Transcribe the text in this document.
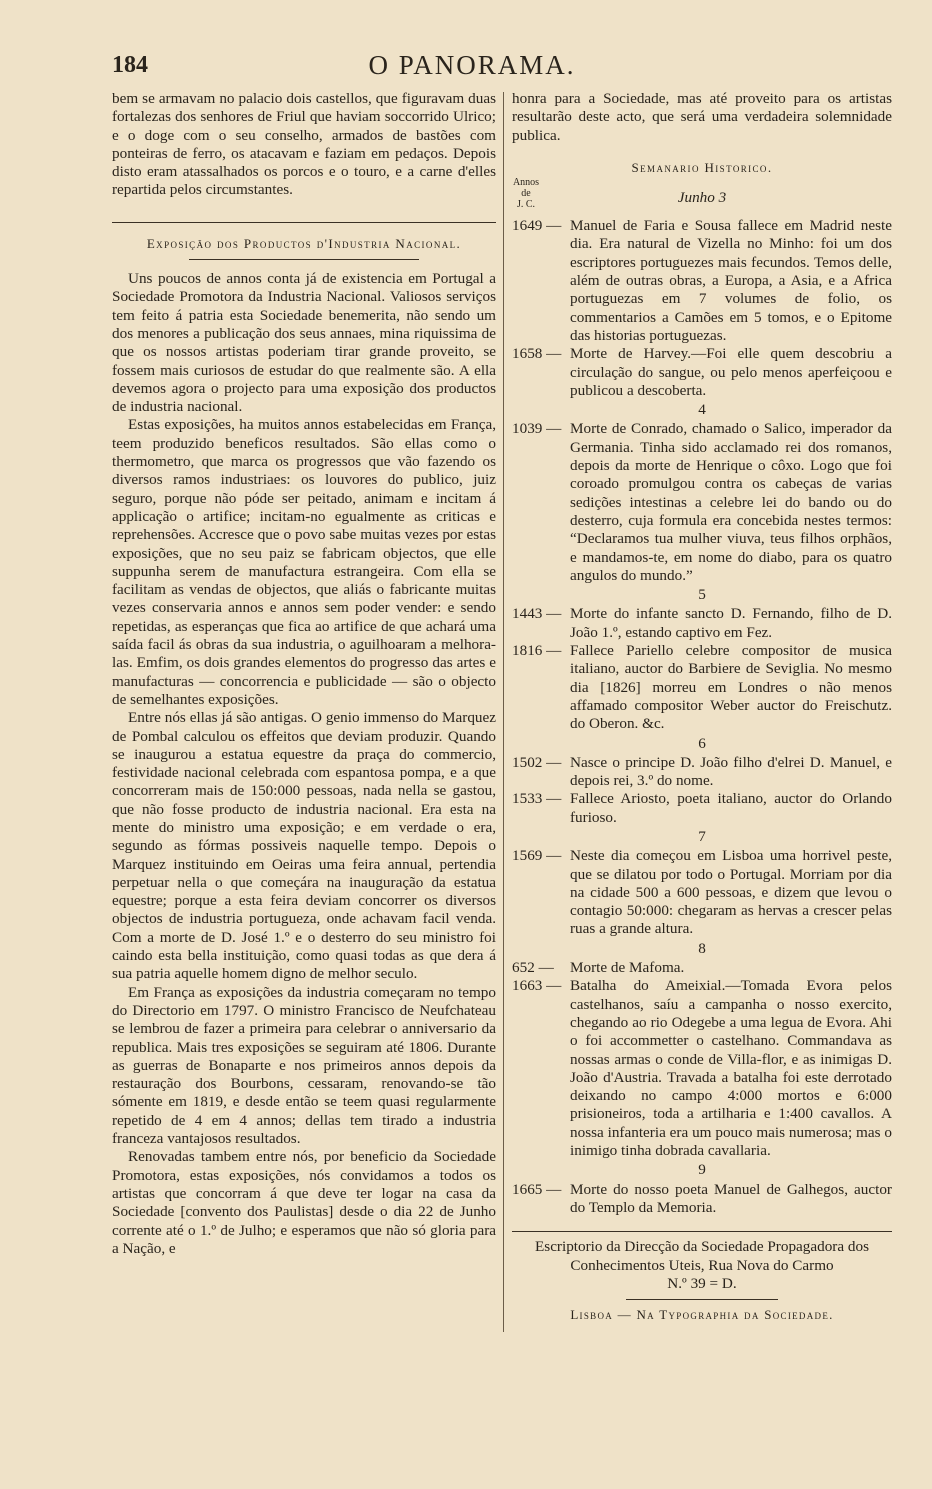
184	O PANORAMA.

bem se armavam no palacio dois castellos, que figuravam duas fortalezas dos senhores de Friul que haviam soccorrido Ulrico; e o doge com o seu conselho, armados de bastões com ponteiras de ferro, os atacavam e faziam em pedaços. Depois disto eram atassalhados os porcos e o touro, e a carne d'elles repartida pelos circumstantes.

Exposição dos Productos d'Industria Nacional.

Uns poucos de annos conta já de existencia em Portugal a Sociedade Promotora da Industria Nacional. Valiosos serviços tem feito á patria esta Sociedade benemerita, não sendo um dos menores a publicação dos seus annaes, mina riquissima de que os nossos artistas poderiam tirar grande proveito, se fossem mais curiosos de estudar do que realmente são. A ella devemos agora o projecto para uma exposição dos productos de industria nacional.

Estas exposições, ha muitos annos estabelecidas em França, teem produzido beneficos resultados. São ellas como o thermometro, que marca os progressos que vão fazendo os diversos ramos industriaes: os louvores do publico, juiz seguro, porque não póde ser peitado, animam e incitam á applicação o artifice; incitam-no egualmente as criticas e reprehensões. Accresce que o povo sabe muitas vezes por estas exposições, que no seu paiz se fabricam objectos, que elle suppunha serem de manufactura estrangeira. Com ella se facilitam as vendas de objectos, que aliás o fabricante muitas vezes conservaria annos e annos sem poder vender: e sendo repetidas, as esperanças que fica ao artifice de que achará uma saída facil ás obras da sua industria, o aguilhoaram a melhora-las. Emfim, os dois grandes elementos do progresso das artes e manufacturas — concorrencia e publicidade — são o objecto de semelhantes exposições.

Entre nós ellas já são antigas. O genio immenso do Marquez de Pombal calculou os effeitos que deviam produzir. Quando se inaugurou a estatua equestre da praça do commercio, festividade nacional celebrada com espantosa pompa, e a que concorreram mais de 150:000 pessoas, nada nella se gastou, que não fosse producto de industria nacional. Era esta na mente do ministro uma exposição; e em verdade o era, segundo as fórmas possiveis naquelle tempo. Depois o Marquez instituindo em Oeiras uma feira annual, pertendia perpetuar nella o que começára na inauguração da estatua equestre; porque a esta feira deviam concorrer os diversos objectos de industria portugueza, onde achavam facil venda. Com a morte de D. José 1.º e o desterro do seu ministro foi caindo esta bella instituição, como quasi todas as que dera á sua patria aquelle homem digno de melhor seculo.

Em França as exposições da industria começaram no tempo do Directorio em 1797. O ministro Francisco de Neufchateau se lembrou de fazer a primeira para celebrar o anniversario da republica. Mais tres exposições se seguiram até 1806. Durante as guerras de Bonaparte e nos primeiros annos depois da restauração dos Bourbons, cessaram, renovando-se tão sómente em 1819, e desde então se teem quasi regularmente repetido de 4 em 4 annos; dellas tem tirado a industria franceza vantajosos resultados.

Renovadas tambem entre nós, por beneficio da Sociedade Promotora, estas exposições, nós convidamos a todos os artistas que concorram á que deve ter logar na casa da Sociedade [convento dos Paulistas] desde o dia 22 de Junho corrente até o 1.º de Julho; e esperamos que não só gloria para a Nação, e

honra para a Sociedade, mas até proveito para os artistas resultarão deste acto, que será uma verdadeira solemnidade publica.

Semanario Historico.

Annos
de
J. C.	Junho 3
1649 — Manuel de Faria e Sousa fallece em Madrid neste dia. Era natural de Vizella no Minho: foi um dos escriptores portuguezes mais fecundos. Temos delle, além de outras obras, a Europa, a Asia, e a Africa portuguezas em 7 volumes de folio, os commentarios a Camões em 5 tomos, e o Epitome das historias portuguezas.
1658 — Morte de Harvey.—Foi elle quem descobriu a circulação do sangue, ou pelo menos aperfeiçoou e publicou a descoberta.
4
1039 — Morte de Conrado, chamado o Salico, imperador da Germania. Tinha sido acclamado rei dos romanos, depois da morte de Henrique o côxo. Logo que foi coroado promulgou contra os cabeças de varias sedições intestinas a celebre lei do bando ou do desterro, cuja formula era concebida nestes termos: “Declaramos tua mulher viuva, teus filhos orphãos, e mandamos-te, em nome do diabo, para os quatro angulos do mundo.”
5
1443 — Morte do infante sancto D. Fernando, filho de D. João 1.º, estando captivo em Fez.
1816 — Fallece Pariello celebre compositor de musica italiano, auctor do Barbiere de Seviglia. No mesmo dia [1826] morreu em Londres o não menos affamado compositor Weber auctor do Freischutz. do Oberon. &c.
6
1502 — Nasce o principe D. João filho d'elrei D. Manuel, e depois rei, 3.º do nome.
1533 — Fallece Ariosto, poeta italiano, auctor do Orlando furioso.
7
1569 — Neste dia começou em Lisboa uma horrivel peste, que se dilatou por todo o Portugal. Morriam por dia na cidade 500 a 600 pessoas, e dizem que levou o contagio 50:000: chegaram as hervas a crescer pelas ruas a grande altura.
8
652 —	Morte de Mafoma.
1663 — Batalha do Ameixial.—Tomada Evora pelos castelhanos, saíu a campanha o nosso exercito, chegando ao rio Odegebe a uma legua de Evora. Ahi o foi accommetter o castelhano. Commandava as nossas armas o conde de Villa-flor, e as inimigas D. João d'Austria. Travada a batalha foi este derrotado deixando no campo 4:000 mortos e 6:000 prisioneiros, toda a artilharia e 1:400 cavallos. A nossa infanteria era um pouco mais numerosa; mas o inimigo tinha dobrada cavallaria.
9
1665 — Morte do nosso poeta Manuel de Galhegos, auctor do Templo da Memoria.
Escriptorio da Direcção da Sociedade Propagadora dos Conhecimentos Uteis, Rua Nova do Carmo
N.º 39 = D.
Lisboa — Na Typographia da Sociedade.
